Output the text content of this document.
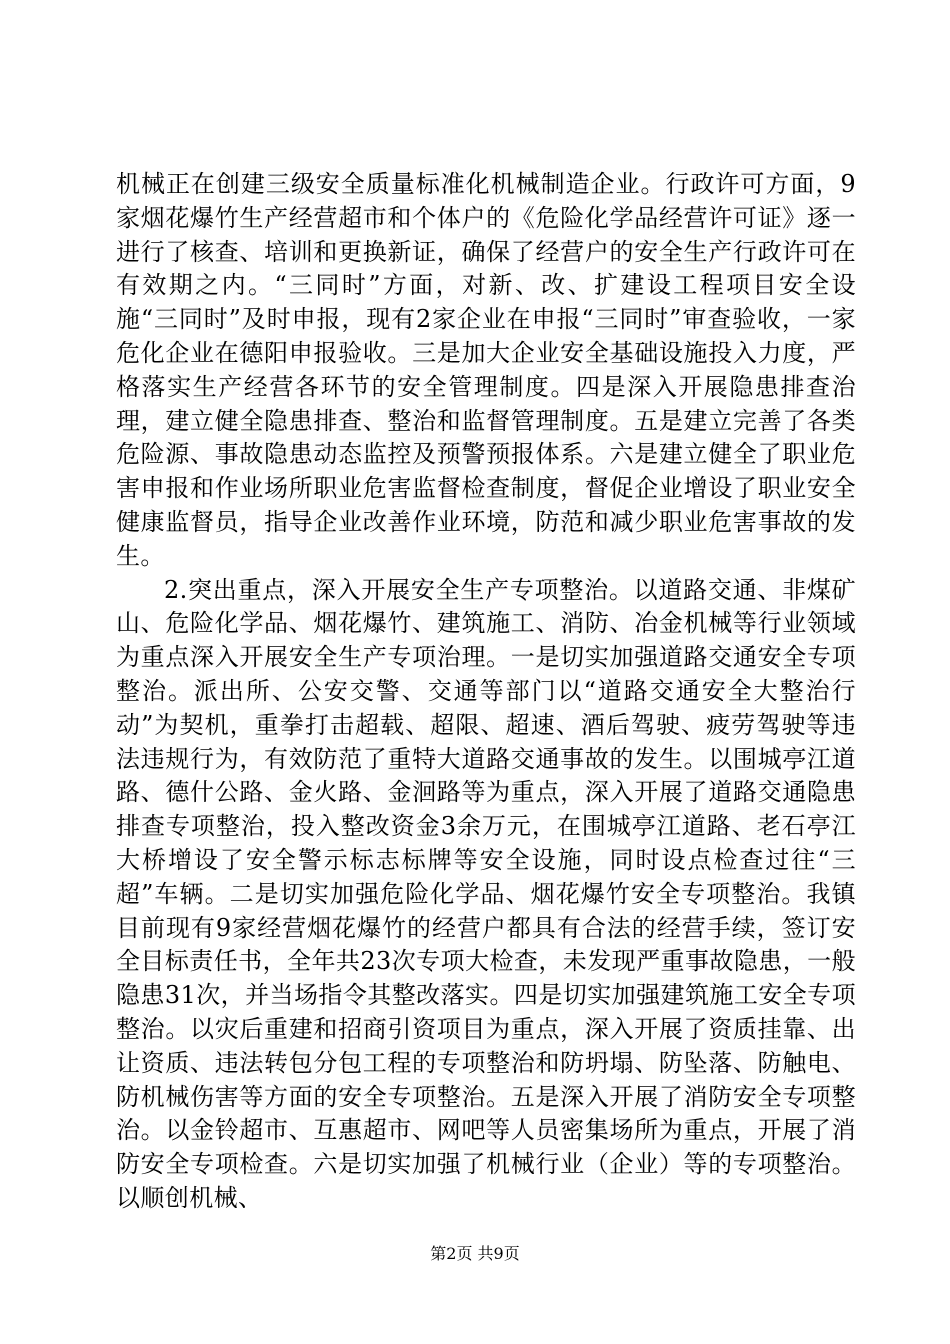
机械正在创建三级安全质量标准化机械制造企业。行政许可方面，9家烟花爆竹生产经营超市和个体户的《危险化学品经营许可证》逐一进行了核查、培训和更换新证，确保了经营户的安全生产行政许可在有效期之内。“三同时”方面，对新、改、扩建设工程项目安全设施“三同时”及时申报，现有2家企业在申报“三同时”审查验收，一家危化企业在德阳申报验收。三是加大企业安全基础设施投入力度，严格落实生产经营各环节的安全管理制度。四是深入开展隐患排查治理，建立健全隐患排查、整治和监督管理制度。五是建立完善了各类危险源、事故隐患动态监控及预警预报体系。六是建立健全了职业危害申报和作业场所职业危害监督检查制度，督促企业增设了职业安全健康监督员，指导企业改善作业环境，防范和减少职业危害事故的发生。

2.突出重点，深入开展安全生产专项整治。以道路交通、非煤矿山、危险化学品、烟花爆竹、建筑施工、消防、冶金机械等行业领域为重点深入开展安全生产专项治理。一是切实加强道路交通安全专项整治。派出所、公安交警、交通等部门以“道路交通安全大整治行动”为契机，重拳打击超载、超限、超速、酒后驾驶、疲劳驾驶等违法违规行为，有效防范了重特大道路交通事故的发生。以围城亭江道路、德什公路、金火路、金洄路等为重点，深入开展了道路交通隐患排查专项整治，投入整改资金3余万元，在围城亭江道路、老石亭江大桥增设了安全警示标志标牌等安全设施，同时设点检查过往“三超”车辆。二是切实加强危险化学品、烟花爆竹安全专项整治。我镇目前现有9家经营烟花爆竹的经营户都具有合法的经营手续，签订安全目标责任书，全年共23次专项大检查，未发现严重事故隐患，一般隐患31次，并当场指令其整改落实。四是切实加强建筑施工安全专项整治。以灾后重建和招商引资项目为重点，深入开展了资质挂靠、出让资质、违法转包分包工程的专项整治和防坍塌、防坠落、防触电、防机械伤害等方面的安全专项整治。五是深入开展了消防安全专项整治。以金铃超市、互惠超市、网吧等人员密集场所为重点，开展了消防安全专项检查。六是切实加强了机械行业（企业）等的专项整治。以顺创机械、

第2页 共9页
